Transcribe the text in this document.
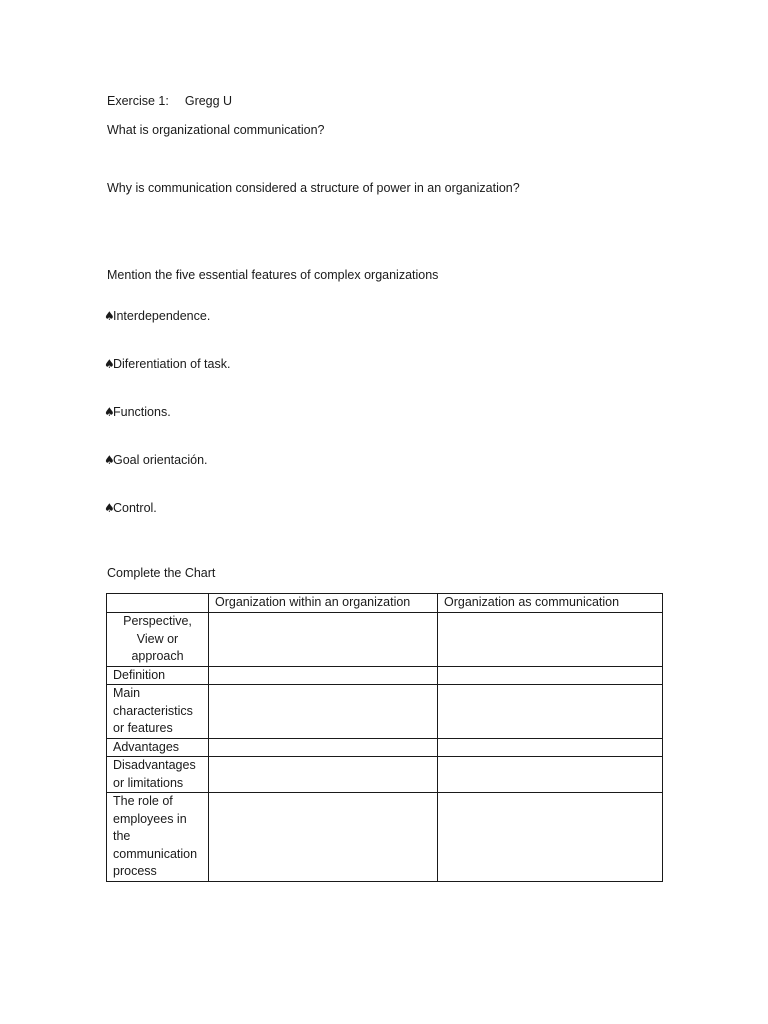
Exercise 1: Gregg U
What is organizational communication?
Why is communication considered a structure of power in an organization?
Mention the five essential features of complex organizations
♠Interdependence.
♠Diferentiation of task.
♠Functions.
♠Goal orientación.
♠Control.
Complete the Chart
	Organization within an organization	Organization as communication
Perspective, View or approach		
Definition		
Main characteristics or features		
Advantages		
Disadvantages or limitations		
The role of employees in the communication process		
